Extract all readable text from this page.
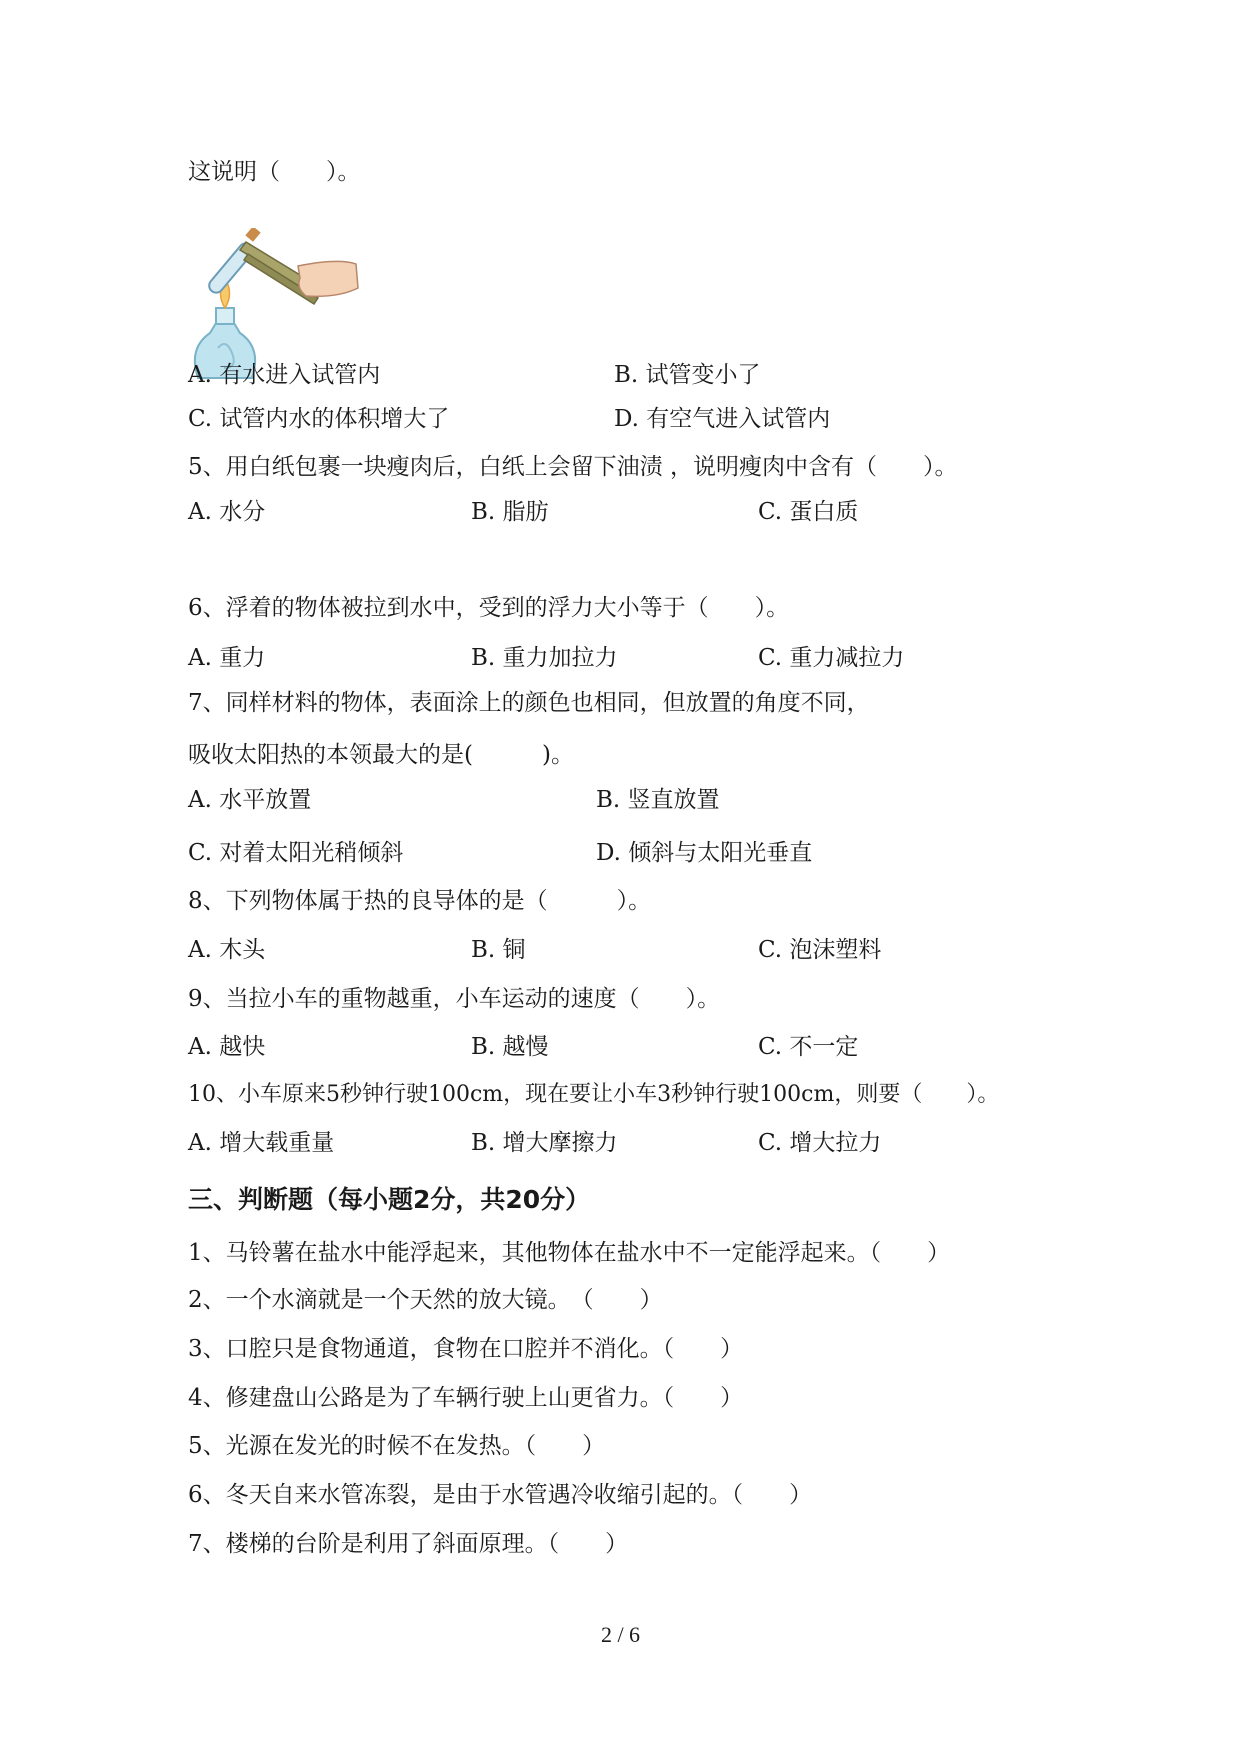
这说明（　　）。
A. 有水进入试管内	B. 试管变小了
C. 试管内水的体积增大了	D. 有空气进入试管内
5、用白纸包裹一块瘦肉后，白纸上会留下油渍 ，说明瘦肉中含有（　　）。
A. 水分	B. 脂肪	C. 蛋白质
6、浮着的物体被拉到水中，受到的浮力大小等于（　　）。
A. 重力	B. 重力加拉力	C. 重力减拉力
7、同样材料的物体，表面涂上的颜色也相同，但放置的角度不同，
吸收太阳热的本领最大的是(　　　)。
A. 水平放置	B. 竖直放置
C. 对着太阳光稍倾斜	D. 倾斜与太阳光垂直
8、下列物体属于热的良导体的是（　　　）。
A. 木头	B. 铜	C. 泡沫塑料
9、当拉小车的重物越重，小车运动的速度（　　）。
A. 越快	B. 越慢	C. 不一定
10、小车原来5秒钟行驶100cm，现在要让小车3秒钟行驶100cm，则要（　　）。
A. 增大载重量	B. 增大摩擦力	C. 增大拉力
三、判断题（每小题2分，共20分）
1、马铃薯在盐水中能浮起来，其他物体在盐水中不一定能浮起来。（　　）
2、一个水滴就是一个天然的放大镜。　（　　）
3、口腔只是食物通道，食物在口腔并不消化。（　　）
4、修建盘山公路是为了车辆行驶上山更省力。（　　）
5、光源在发光的时候不在发热。（　　）
6、冬天自来水管冻裂，是由于水管遇冷收缩引起的。（　　）
7、楼梯的台阶是利用了斜面原理。（　　）
2 / 6
